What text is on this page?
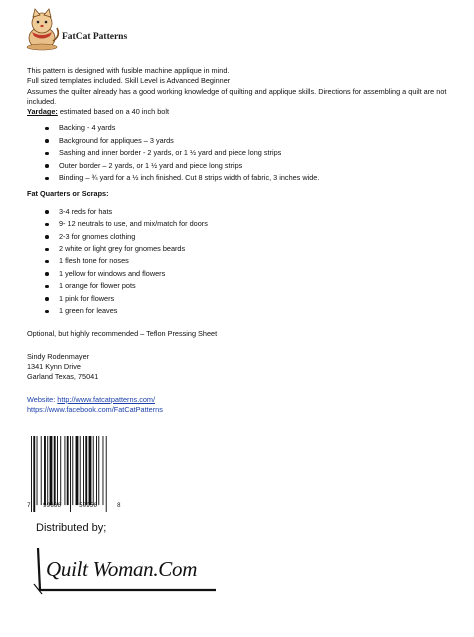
FatCat Patterns

This pattern is designed with fusible machine applique in mind.

Full sized templates included. Skill Level is Advanced Beginner

Assumes the quilter already has a good working knowledge of quilting and applique skills. Directions for assembling a quilt are not included.

Yardage: estimated based on a 40 inch bolt

Backing - 4 yards
Background for appliques – 3 yards
Sashing and inner border - 2 yards, or 1 ½ yard and piece long strips
Outer border – 2 yards, or 1 ½ yard and piece long strips
Binding – ¾ yard for a ½ inch finished. Cut 8 strips width of fabric, 3 inches wide.

Fat Quarters or Scraps:

3-4 reds for hats
9- 12 neutrals to use, and mix/match for doors
2-3 for gnomes clothing
2 white or light grey for gnomes beards
1 flesh tone for noses
1 yellow for windows and flowers
1 orange for flower pots
1 pink for flowers
1 green for leaves

Optional, but highly recommended – Teflon Pressing Sheet

Sindy Rodenmayer

1341 Kynn Drive

Garland Texas, 75041

Website: http://www.fatcatpatterns.com/

https://www.facebook.com/FatCatPatterns

7 99666	50956	8
Distributed by;
Quilt Woman.Com
